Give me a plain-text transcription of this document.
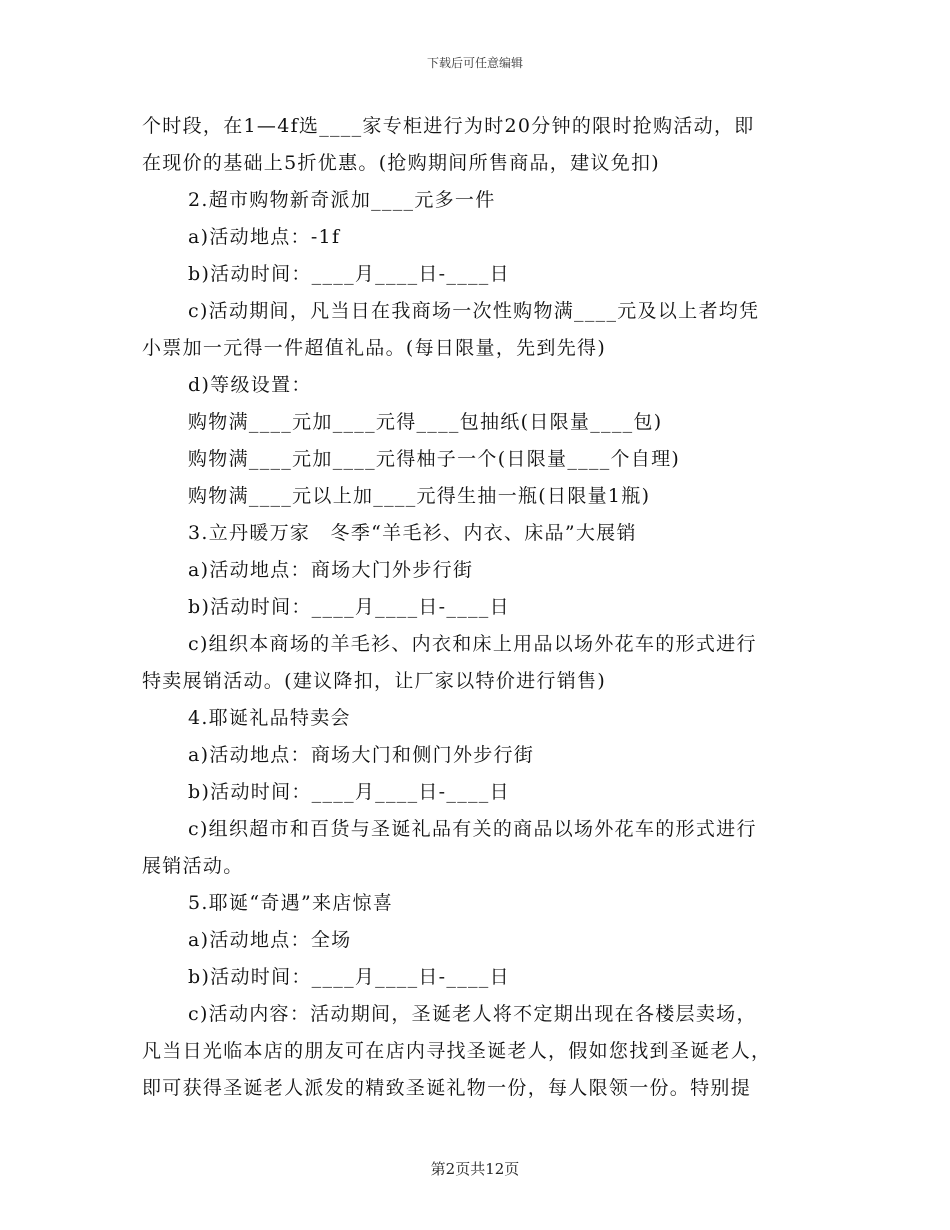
下载后可任意编辑
个时段，在1—4f选____家专柜进行为时20分钟的限时抢购活动，即
在现价的基础上5折优惠。(抢购期间所售商品，建议免扣)
2.超市购物新奇派加____元多一件
a)活动地点：-1f
b)活动时间：____月____日-____日
c)活动期间，凡当日在我商场一次性购物满____元及以上者均凭
小票加一元得一件超值礼品。(每日限量，先到先得)
d)等级设置：
购物满____元加____元得____包抽纸(日限量____包)
购物满____元加____元得柚子一个(日限量____个自理)
购物满____元以上加____元得生抽一瓶(日限量1瓶)
3.立丹暖万家　冬季“羊毛衫、内衣、床品”大展销
a)活动地点：商场大门外步行街
b)活动时间：____月____日-____日
c)组织本商场的羊毛衫、内衣和床上用品以场外花车的形式进行
特卖展销活动。(建议降扣，让厂家以特价进行销售)
4.耶诞礼品特卖会
a)活动地点：商场大门和侧门外步行街
b)活动时间：____月____日-____日
c)组织超市和百货与圣诞礼品有关的商品以场外花车的形式进行
展销活动。
5.耶诞“奇遇”来店惊喜
a)活动地点：全场
b)活动时间：____月____日-____日
c)活动内容：活动期间，圣诞老人将不定期出现在各楼层卖场，
凡当日光临本店的朋友可在店内寻找圣诞老人，假如您找到圣诞老人，
即可获得圣诞老人派发的精致圣诞礼物一份，每人限领一份。特别提
第2页共12页
